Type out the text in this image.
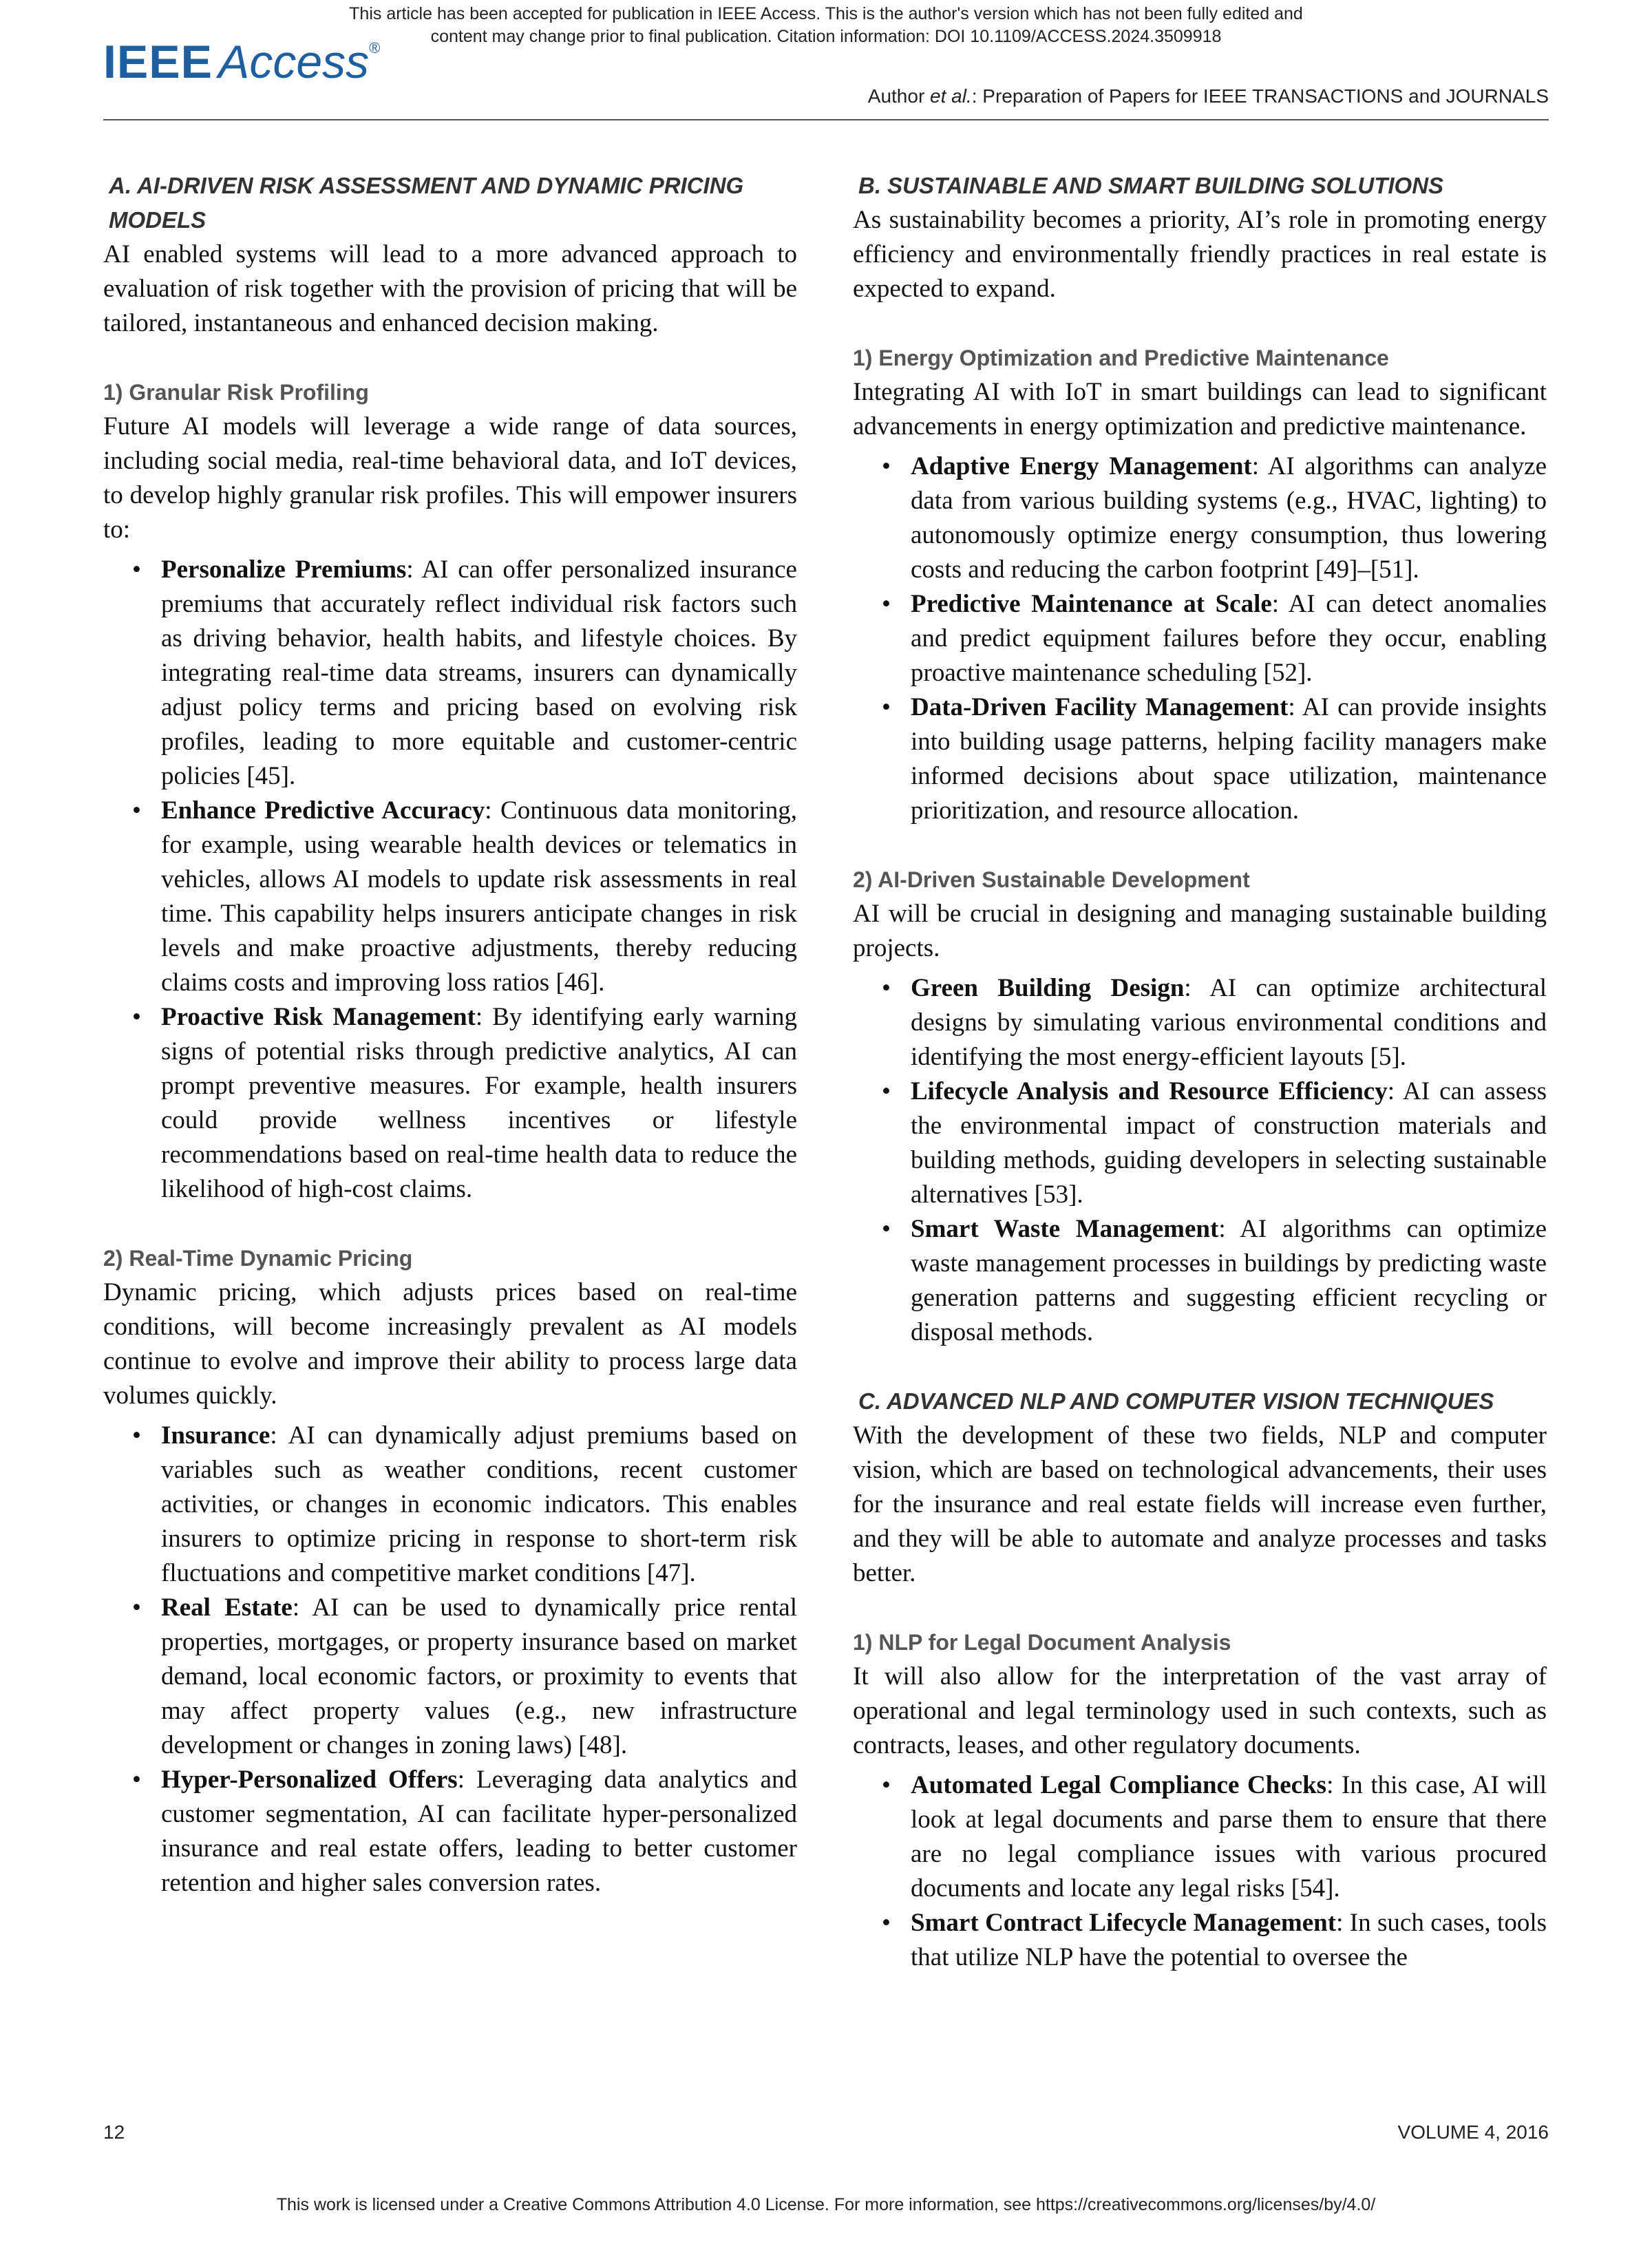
This article has been accepted for publication in IEEE Access. This is the author's version which has not been fully edited and
content may change prior to final publication. Citation information: DOI 10.1109/ACCESS.2024.3509918
IEEE Access®
Author et al.: Preparation of Papers for IEEE TRANSACTIONS and JOURNALS
A. AI-DRIVEN RISK ASSESSMENT AND DYNAMIC PRICING MODELS

AI enabled systems will lead to a more advanced approach to evaluation of risk together with the provision of pricing that will be tailored, instantaneous and enhanced decision making.

1) Granular Risk Profiling

Future AI models will leverage a wide range of data sources, including social media, real-time behavioral data, and IoT devices, to develop highly granular risk profiles. This will empower insurers to:

• Personalize Premiums: AI can offer personalized insurance premiums that accurately reflect individual risk factors such as driving behavior, health habits, and lifestyle choices. By integrating real-time data streams, insurers can dynamically adjust policy terms and pricing based on evolving risk profiles, leading to more equitable and customer-centric policies [45].
• Enhance Predictive Accuracy: Continuous data monitoring, for example, using wearable health devices or telematics in vehicles, allows AI models to update risk assessments in real time. This capability helps insurers anticipate changes in risk levels and make proactive adjustments, thereby reducing claims costs and improving loss ratios [46].
• Proactive Risk Management: By identifying early warning signs of potential risks through predictive analytics, AI can prompt preventive measures. For example, health insurers could provide wellness incentives or lifestyle recommendations based on real-time health data to reduce the likelihood of high-cost claims.
2) Real-Time Dynamic Pricing

Dynamic pricing, which adjusts prices based on real-time conditions, will become increasingly prevalent as AI models continue to evolve and improve their ability to process large data volumes quickly.

• Insurance: AI can dynamically adjust premiums based on variables such as weather conditions, recent customer activities, or changes in economic indicators. This enables insurers to optimize pricing in response to short-term risk fluctuations and competitive market conditions [47].
• Real Estate: AI can be used to dynamically price rental properties, mortgages, or property insurance based on market demand, local economic factors, or proximity to events that may affect property values (e.g., new infrastructure development or changes in zoning laws) [48].
• Hyper-Personalized Offers: Leveraging data analytics and customer segmentation, AI can facilitate hyper-personalized insurance and real estate offers, leading to better customer retention and higher sales conversion rates.
B. SUSTAINABLE AND SMART BUILDING SOLUTIONS

As sustainability becomes a priority, AI’s role in promoting energy efficiency and environmentally friendly practices in real estate is expected to expand.

1) Energy Optimization and Predictive Maintenance

Integrating AI with IoT in smart buildings can lead to significant advancements in energy optimization and predictive maintenance.

• Adaptive Energy Management: AI algorithms can analyze data from various building systems (e.g., HVAC, lighting) to autonomously optimize energy consumption, thus lowering costs and reducing the carbon footprint [49]–[51].
• Predictive Maintenance at Scale: AI can detect anomalies and predict equipment failures before they occur, enabling proactive maintenance scheduling [52].
• Data-Driven Facility Management: AI can provide insights into building usage patterns, helping facility managers make informed decisions about space utilization, maintenance prioritization, and resource allocation.
2) AI-Driven Sustainable Development

AI will be crucial in designing and managing sustainable building projects.

• Green Building Design: AI can optimize architectural designs by simulating various environmental conditions and identifying the most energy-efficient layouts [5].
• Lifecycle Analysis and Resource Efficiency: AI can assess the environmental impact of construction materials and building methods, guiding developers in selecting sustainable alternatives [53].
• Smart Waste Management: AI algorithms can optimize waste management processes in buildings by predicting waste generation patterns and suggesting efficient recycling or disposal methods.
C. ADVANCED NLP AND COMPUTER VISION TECHNIQUES

With the development of these two fields, NLP and computer vision, which are based on technological advancements, their uses for the insurance and real estate fields will increase even further, and they will be able to automate and analyze processes and tasks better.

1) NLP for Legal Document Analysis

It will also allow for the interpretation of the vast array of operational and legal terminology used in such contexts, such as contracts, leases, and other regulatory documents.

• Automated Legal Compliance Checks: In this case, AI will look at legal documents and parse them to ensure that there are no legal compliance issues with various procured documents and locate any legal risks [54].
• Smart Contract Lifecycle Management: In such cases, tools that utilize NLP have the potential to oversee the
12	VOLUME 4, 2016
This work is licensed under a Creative Commons Attribution 4.0 License. For more information, see https://creativecommons.org/licenses/by/4.0/
